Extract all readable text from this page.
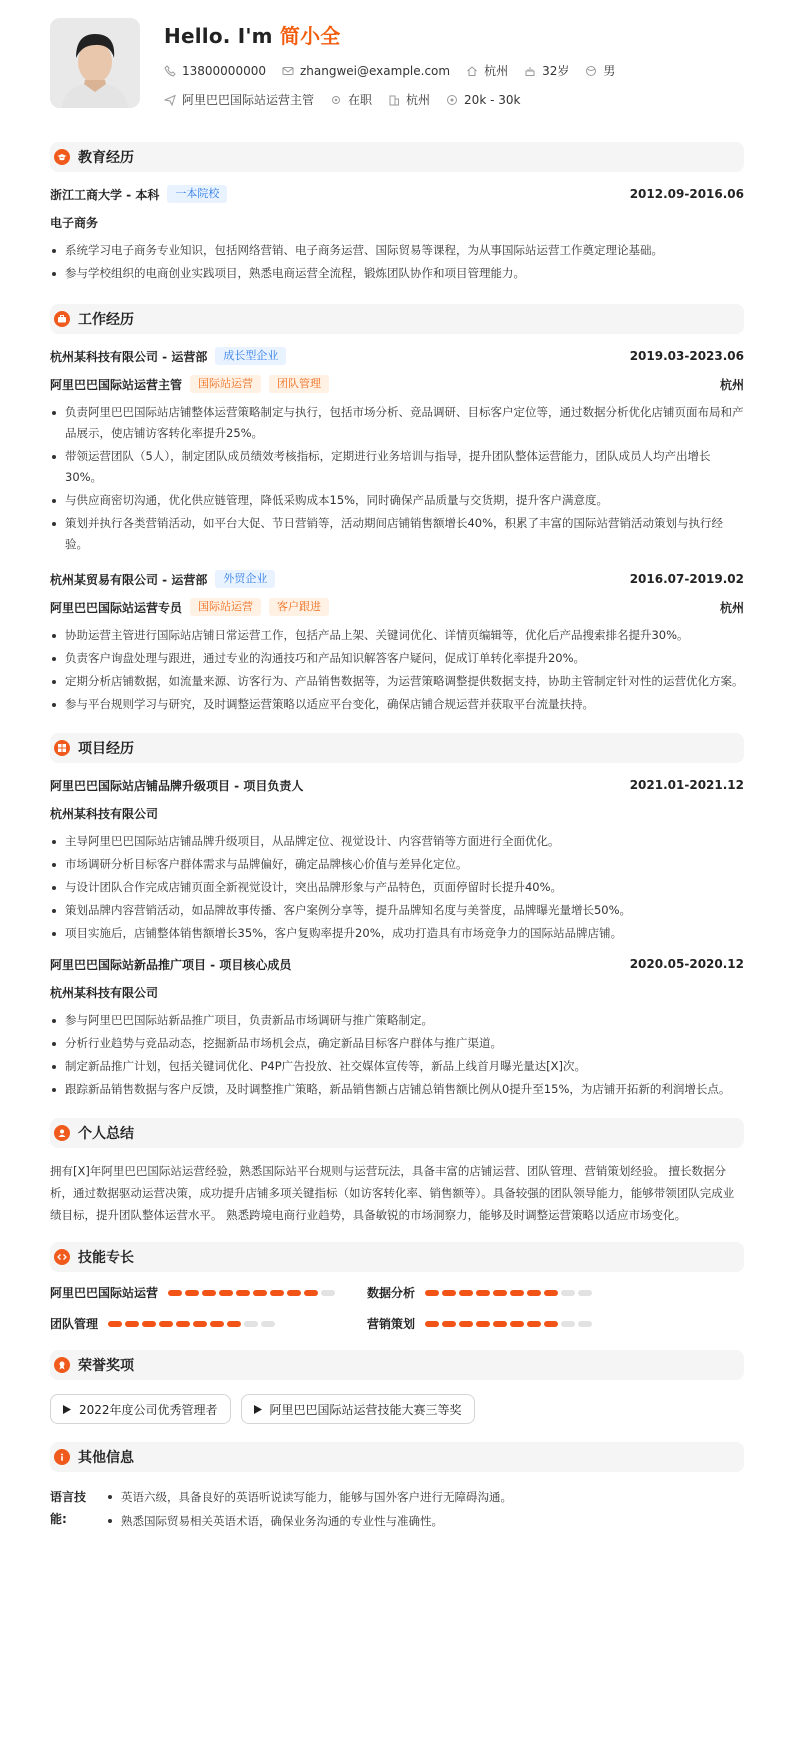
Hello. I'm 简小全
13800000000	zhangwei@example.com	杭州	32岁	男
阿里巴巴国际站运营主管	在职	杭州	20k - 30k
教育经历
浙江工商大学 - 本科	一本院校	2012.09-2016.06
电子商务
系统学习电子商务专业知识，包括网络营销、电子商务运营、国际贸易等课程，为从事国际站运营工作奠定理论基础。
参与学校组织的电商创业实践项目，熟悉电商运营全流程，锻炼团队协作和项目管理能力。
工作经历
杭州某科技有限公司 - 运营部	成长型企业	2019.03-2023.06
阿里巴巴国际站运营主管	国际站运营	团队管理	杭州
负责阿里巴巴国际站店铺整体运营策略制定与执行，包括市场分析、竞品调研、目标客户定位等，通过数据分析优化店铺页面布局和产品展示，使店铺访客转化率提升25%。
带领运营团队（5人），制定团队成员绩效考核指标，定期进行业务培训与指导，提升团队整体运营能力，团队成员人均产出增长30%。
与供应商密切沟通，优化供应链管理，降低采购成本15%，同时确保产品质量与交货期，提升客户满意度。
策划并执行各类营销活动，如平台大促、节日营销等，活动期间店铺销售额增长40%，积累了丰富的国际站营销活动策划与执行经验。
杭州某贸易有限公司 - 运营部	外贸企业	2016.07-2019.02
阿里巴巴国际站运营专员	国际站运营	客户跟进	杭州
协助运营主管进行国际站店铺日常运营工作，包括产品上架、关键词优化、详情页编辑等，优化后产品搜索排名提升30%。
负责客户询盘处理与跟进，通过专业的沟通技巧和产品知识解答客户疑问，促成订单转化率提升20%。
定期分析店铺数据，如流量来源、访客行为、产品销售数据等，为运营策略调整提供数据支持，协助主管制定针对性的运营优化方案。
参与平台规则学习与研究，及时调整运营策略以适应平台变化，确保店铺合规运营并获取平台流量扶持。
项目经历
阿里巴巴国际站店铺品牌升级项目 - 项目负责人	2021.01-2021.12
杭州某科技有限公司
主导阿里巴巴国际站店铺品牌升级项目，从品牌定位、视觉设计、内容营销等方面进行全面优化。
市场调研分析目标客户群体需求与品牌偏好，确定品牌核心价值与差异化定位。
与设计团队合作完成店铺页面全新视觉设计，突出品牌形象与产品特色，页面停留时长提升40%。
策划品牌内容营销活动，如品牌故事传播、客户案例分享等，提升品牌知名度与美誉度，品牌曝光量增长50%。
项目实施后，店铺整体销售额增长35%，客户复购率提升20%，成功打造具有市场竞争力的国际站品牌店铺。
阿里巴巴国际站新品推广项目 - 项目核心成员	2020.05-2020.12
杭州某科技有限公司
参与阿里巴巴国际站新品推广项目，负责新品市场调研与推广策略制定。
分析行业趋势与竞品动态，挖掘新品市场机会点，确定新品目标客户群体与推广渠道。
制定新品推广计划，包括关键词优化、P4P广告投放、社交媒体宣传等，新品上线首月曝光量达[X]次。
跟踪新品销售数据与客户反馈，及时调整推广策略，新品销售额占店铺总销售额比例从0提升至15%，为店铺开拓新的利润增长点。
个人总结

拥有[X]年阿里巴巴国际站运营经验，熟悉国际站平台规则与运营玩法，具备丰富的店铺运营、团队管理、营销策划经验。 擅长数据分析，通过数据驱动运营决策，成功提升店铺多项关键指标（如访客转化率、销售额等）。具备较强的团队领导能力，能够带领团队完成业绩目标，提升团队整体运营水平。 熟悉跨境电商行业趋势，具备敏锐的市场洞察力，能够及时调整运营策略以适应市场变化。

技能专长
阿里巴巴国际站运营	数据分析
团队管理	营销策划
荣誉奖项
2022年度公司优秀管理者	阿里巴巴国际站运营技能大赛三等奖
其他信息
语言技能:
英语六级，具备良好的英语听说读写能力，能够与国外客户进行无障碍沟通。
熟悉国际贸易相关英语术语，确保业务沟通的专业性与准确性。
